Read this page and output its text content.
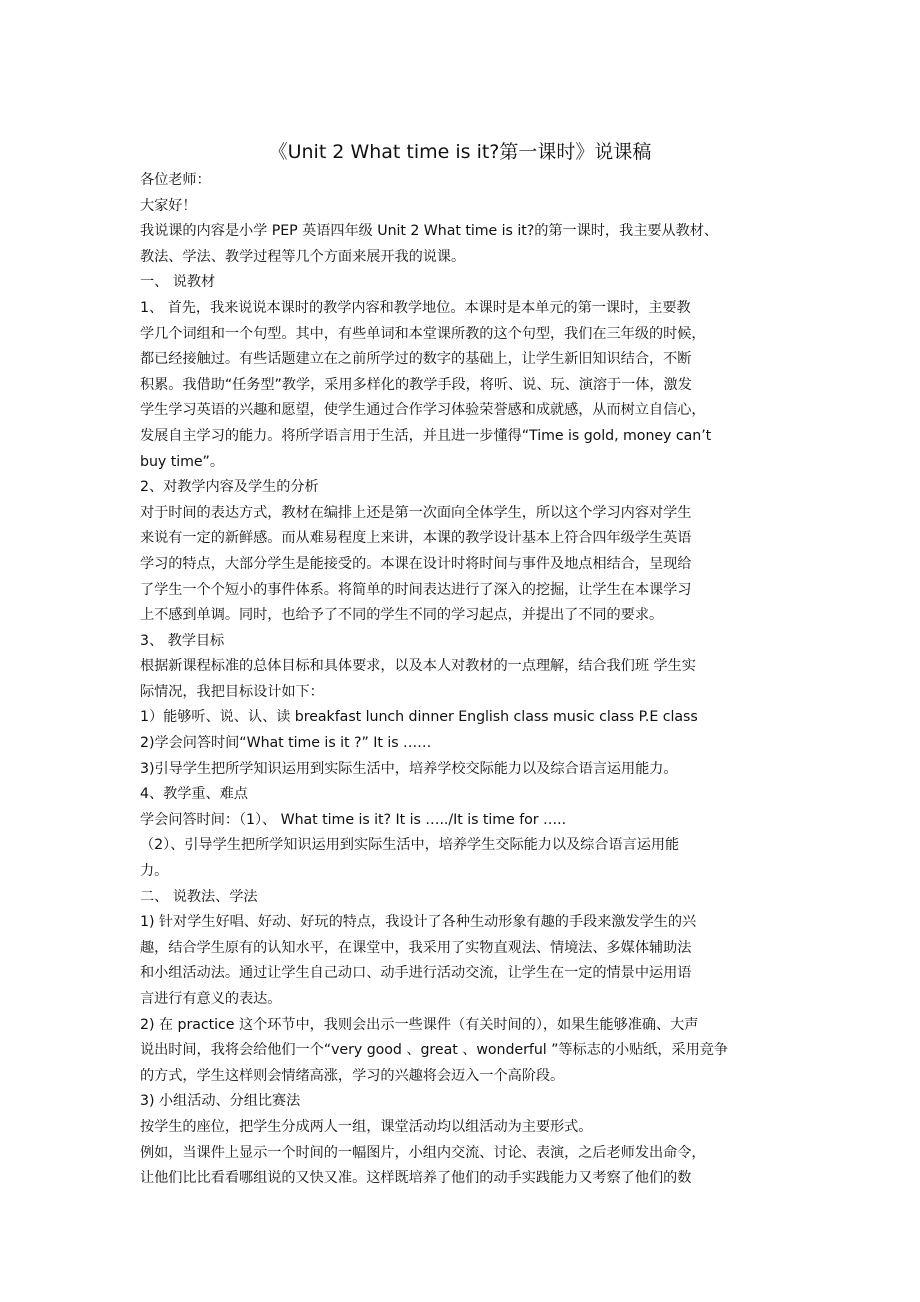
《Unit 2 What time is it?第一课时》说课稿
各位老师：
大家好！
我说课的内容是小学 PEP 英语四年级 Unit 2 What time is it?的第一课时，我主要从教材、
教法、学法、教学过程等几个方面来展开我的说课。
一、 说教材
1、 首先，我来说说本课时的教学内容和教学地位。本课时是本单元的第一课时，主要教
学几个词组和一个句型。其中，有些单词和本堂课所教的这个句型，我们在三年级的时候，
都已经接触过。有些话题建立在之前所学过的数字的基础上，让学生新旧知识结合，不断
积累。我借助“任务型”教学，采用多样化的教学手段，将听、说、玩、演溶于一体，激发
学生学习英语的兴趣和愿望，使学生通过合作学习体验荣誉感和成就感，从而树立自信心，
发展自主学习的能力。将所学语言用于生活，并且进一步懂得“Time is gold, money can’t
buy time”。
2、对教学内容及学生的分析
对于时间的表达方式，教材在编排上还是第一次面向全体学生，所以这个学习内容对学生
来说有一定的新鲜感。而从难易程度上来讲，本课的教学设计基本上符合四年级学生英语
学习的特点，大部分学生是能接受的。本课在设计时将时间与事件及地点相结合，呈现给
了学生一个个短小的事件体系。将简单的时间表达进行了深入的挖掘，让学生在本课学习
上不感到单调。同时，也给予了不同的学生不同的学习起点，并提出了不同的要求。
3、 教学目标
根据新课程标准的总体目标和具体要求，以及本人对教材的一点理解，结合我们班 学生实
际情况，我把目标设计如下：
1）能够听、说、认、读 breakfast lunch dinner English class music class P.E class
2)学会问答时间“What time is it ?” It is ……
3)引导学生把所学知识运用到实际生活中，培养学校交际能力以及综合语言运用能力。
4、教学重、难点
学会问答时间：（1）、 What time is it? It is …../It is time for …..
（2）、引导学生把所学知识运用到实际生活中，培养学生交际能力以及综合语言运用能
力。
二、 说教法、学法
1) 针对学生好唱、好动、好玩的特点，我设计了各种生动形象有趣的手段来激发学生的兴
趣，结合学生原有的认知水平，在课堂中，我采用了实物直观法、情境法、多媒体辅助法
和小组活动法。通过让学生自己动口、动手进行活动交流，让学生在一定的情景中运用语
言进行有意义的表达。
2) 在 practice 这个环节中，我则会出示一些课件（有关时间的），如果生能够准确、大声
说出时间，我将会给他们一个“very good 、great 、wonderful ”等标志的小贴纸，采用竞争
的方式，学生这样则会情绪高涨，学习的兴趣将会迈入一个高阶段。
3) 小组活动、分组比赛法
按学生的座位，把学生分成两人一组，课堂活动均以组活动为主要形式。
例如，当课件上显示一个时间的一幅图片，小组内交流、讨论、表演，之后老师发出命令，
让他们比比看看哪组说的又快又准。这样既培养了他们的动手实践能力又考察了他们的数
